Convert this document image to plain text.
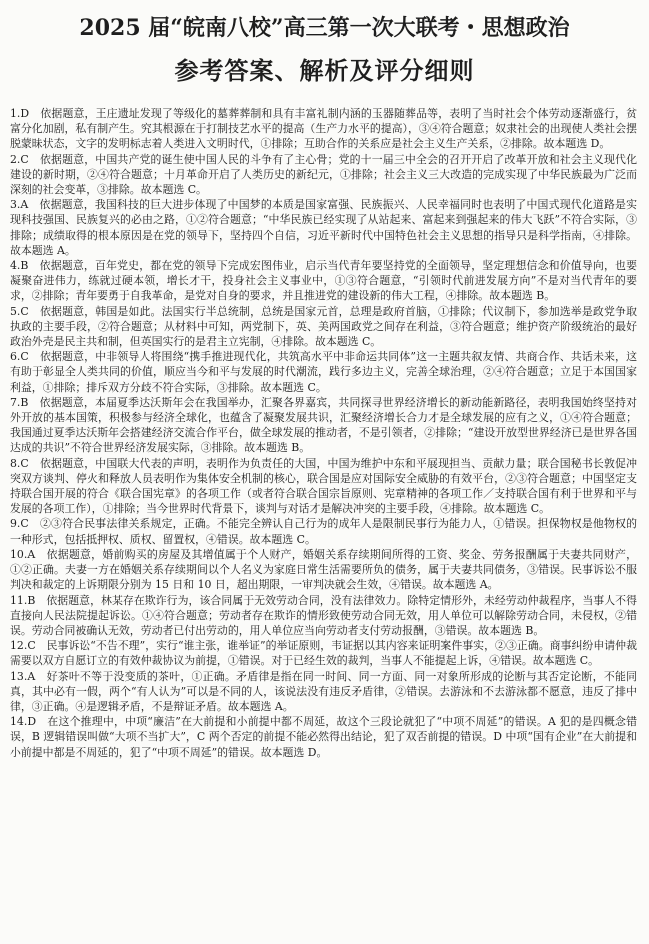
2025 届“皖南八校”高三第一次大联考・思想政治
参考答案、解析及评分细则

1.D　依据题意，王庄遗址发现了等级化的墓葬葬制和具有丰富礼制内涵的玉器随葬品等，表明了当时社会个体劳动逐渐盛行，贫富分化加剧，私有制产生。究其根源在于打制技艺水平的提高（生产力水平的提高），③④符合题意；奴隶社会的出现使人类社会摆脱蒙昧状态，文字的发明标志着人类进入文明时代，①排除；互助合作的关系应是社会主义生产关系，②排除。故本题选 D。

2.C　依据题意，中国共产党的诞生使中国人民的斗争有了主心骨；党的十一届三中全会的召开开启了改革开放和社会主义现代化建设的新时期，②④符合题意；十月革命开启了人类历史的新纪元，①排除；社会主义三大改造的完成实现了中华民族最为广泛而深刻的社会变革，③排除。故本题选 C。

3.A　依据题意，我国科技的巨大进步体现了中国梦的本质是国家富强、民族振兴、人民幸福同时也表明了中国式现代化道路是实现科技强国、民族复兴的必由之路，①②符合题意；“中华民族已经实现了从站起来、富起来到强起来的伟大飞跃”不符合实际，③排除；成绩取得的根本原因是在党的领导下，坚持四个自信，习近平新时代中国特色社会主义思想的指导只是科学指南，④排除。故本题选 A。

4.B　依据题意，百年党史，都在党的领导下完成宏图伟业，启示当代青年要坚持党的全面领导，坚定理想信念和价值导向，也要凝聚奋进伟力，练就过硬本领，增长才干，投身社会主义事业中，①③符合题意，“引领时代前进发展方向”不是对当代青年的要求，②排除；青年要勇于自我革命，是党对自身的要求，并且推进党的建设新的伟大工程，④排除。故本题选 B。

5.C　依据题意，韩国是如此。法国实行半总统制，总统是国家元首，总理是政府首脑，①排除；代议制下，参加选举是政党争取执政的主要手段，②符合题意；从材料中可知，两党制下，英、美两国政党之间存在利益，③符合题意；维护资产阶级统治的最好政治外壳是民主共和制，但英国实行的是君主立宪制，④排除。故本题选 C。

6.C　依据题意，中非领导人将围绕“携手推进现代化，共筑高水平中非命运共同体”这一主题共叙友情、共商合作、共话未来，这有助于彰显全人类共同的价值，顺应当今和平与发展的时代潮流，践行多边主义，完善全球治理，②④符合题意；立足于本国国家利益，①排除；排斥双方分歧不符合实际，③排除。故本题选 C。

7.B　依据题意，本届夏季达沃斯年会在我国举办，汇聚各界嘉宾，共同探寻世界经济增长的新动能新路径，表明我国始终坚持对外开放的基本国策，积极参与经济全球化，也蕴含了凝聚发展共识，汇聚经济增长合力才是全球发展的应有之义，①④符合题意；我国通过夏季达沃斯年会搭建经济交流合作平台，做全球发展的推动者，不是引领者，②排除；“建设开放型世界经济已是世界各国达成的共识”不符合世界经济发展实际，③排除。故本题选 B。

8.C　依据题意，中国联大代表的声明，表明作为负责任的大国，中国为维护中东和平展现担当、贡献力量；联合国秘书长敦促冲突双方谈判、停火和释放人员表明作为集体安全机制的核心，联合国是应对国际安全威胁的有效平台，②③符合题意；中国坚定支持联合国开展的符合《联合国宪章》的各项工作（或者符合联合国宗旨原则、宪章精神的各项工作／支持联合国有利于世界和平与发展的各项工作），①排除；当今世界时代背景下，谈判与对话才是解决冲突的主要手段，④排除。故本题选 C。

9.C　②③符合民事法律关系规定，正确。不能完全辨认自己行为的成年人是限制民事行为能力人，①错误。担保物权是他物权的一种形式，包括抵押权、质权、留置权，④错误。故本题选 C。

10.A　依据题意，婚前购买的房屋及其增值属于个人财产，婚姻关系存续期间所得的工资、奖金、劳务报酬属于夫妻共同财产，①②正确。夫妻一方在婚姻关系存续期间以个人名义为家庭日常生活需要所负的债务，属于夫妻共同债务，③错误。民事诉讼不服判决和裁定的上诉期限分别为 15 日和 10 日，超出期限，一审判决就会生效，④错误。故本题选 A。

11.B　依据题意，林某存在欺诈行为，该合同属于无效劳动合同，没有法律效力。除特定情形外，未经劳动仲裁程序，当事人不得直接向人民法院提起诉讼。①④符合题意；劳动者存在欺诈的情形致使劳动合同无效，用人单位可以解除劳动合同，未侵权，②错误。劳动合同被确认无效，劳动者已付出劳动的，用人单位应当向劳动者支付劳动报酬，③错误。故本题选 B。

12.C　民事诉讼“不告不理”，实行“谁主张，谁举证”的举证原则，韦证据以其内容来证明案件事实，②③正确。商事纠纷申请仲裁需要以双方自愿订立的有效仲裁协议为前提，①错误。对于已经生效的裁判，当事人不能提起上诉，④错误。故本题选 C。

13.A　好茶叶不等于没变质的茶叶，①正确。矛盾律是指在同一时间、同一方面、同一对象所形成的论断与其否定论断，不能同真，其中必有一假，两个“有人认为”可以是不同的人，该说法没有违反矛盾律，②错误。去游泳和不去游泳都不愿意，违反了排中律，③正确。④是逻辑矛盾，不是辩证矛盾。故本题选 A。

14.D　在这个推理中，中项“廉洁”在大前提和小前提中都不周延，故这个三段论就犯了“中项不周延”的错误。A 犯的是四概念错误，B 逻辑错误叫做“大项不当扩大”，C 两个否定的前提不能必然得出结论，犯了双否前提的错误。D 中项“国有企业”在大前提和小前提中都是不周延的，犯了“中项不周延”的错误。故本题选 D。
